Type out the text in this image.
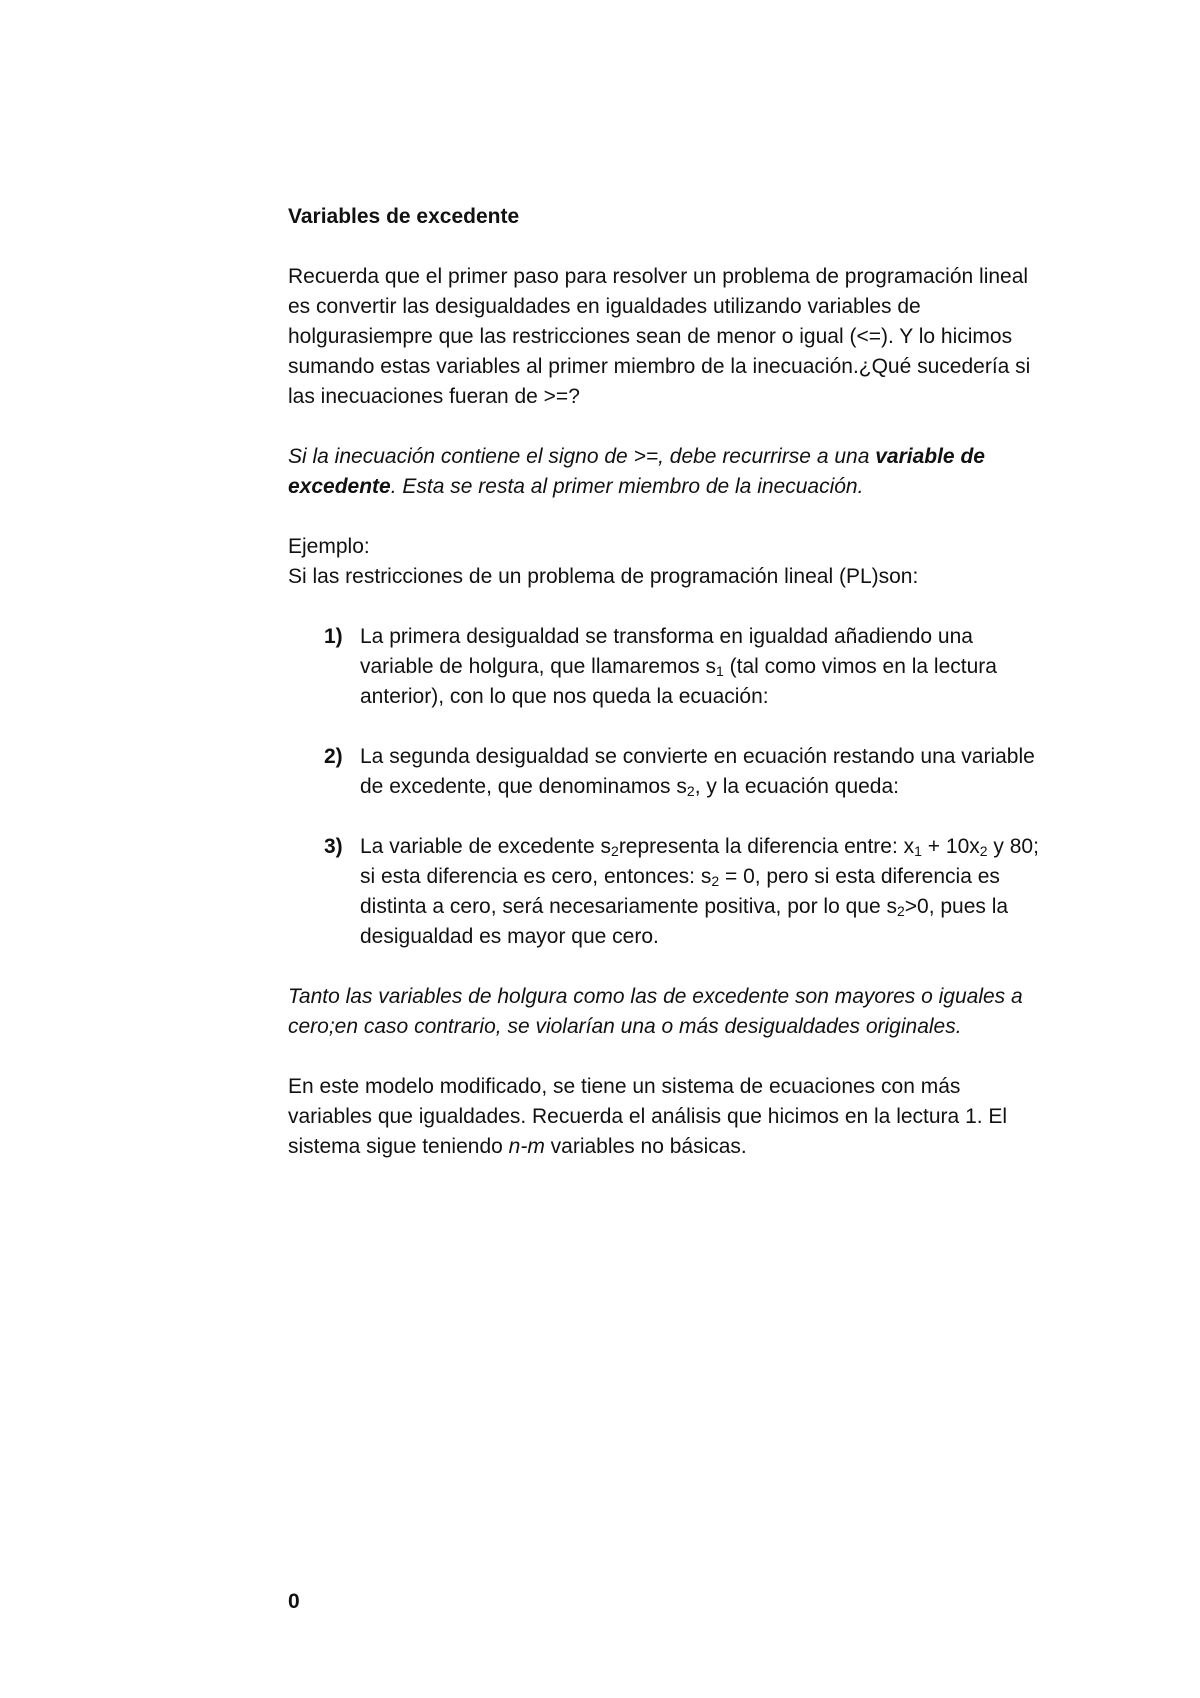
Variables de excedente

Recuerda que el primer paso para resolver un problema de programación lineal es convertir las desigualdades en igualdades utilizando variables de holgurasiempre que las restricciones sean de menor o igual (<=). Y lo hicimos sumando estas variables al primer miembro de la inecuación.¿Qué sucedería si las inecuaciones fueran de >=?

Si la inecuación contiene el signo de >=, debe recurrirse a una variable de excedente. Esta se resta al primer miembro de la inecuación.

Ejemplo:

Si las restricciones de un problema de programación lineal (PL)son:

1) La primera desigualdad se transforma en igualdad añadiendo una variable de holgura, que llamaremos $s_1$ (tal como vimos en la lectura anterior), con lo que nos queda la ecuación:
2) La segunda desigualdad se convierte en ecuación restando una variable de excedente, que denominamos $s_2$, y la ecuación queda:
3) La variable de excedente $s_2representa$ la diferencia entre: $x_1 + 10x_2$ y 80; si esta diferencia es cero, entonces: $s_2 = 0$, pero si esta diferencia es distinta a cero, será necesariamente positiva, por lo que $s_2>0$, pues la desigualdad es mayor que cero.

Tanto las variables de holgura como las de excedente son mayores o iguales a cero;en caso contrario, se violarían una o más desigualdades originales.

En este modelo modificado, se tiene un sistema de ecuaciones con más variables que igualdades. Recuerda el análisis que hicimos en la lectura 1. El sistema sigue teniendo n-m variables no básicas.

0
